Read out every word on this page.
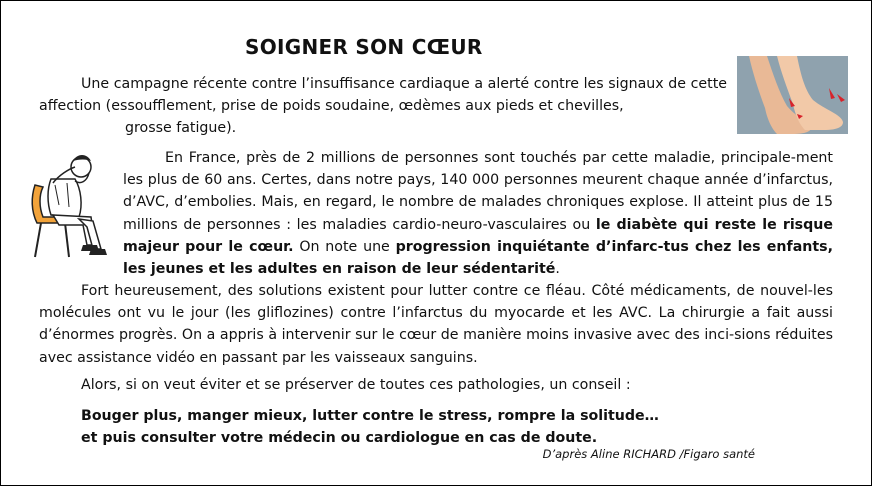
SOIGNER SON CŒUR

Une campagne récente contre l’insuffisance cardiaque a alerté contre les signaux de cette affection (essoufflement, prise de poids soudaine, œdèmes aux pieds et chevilles,
grosse fatigue).

En France, près de 2 millions de personnes sont touchés par cette maladie, principale-ment les plus de 60 ans. Certes, dans notre pays, 140 000 personnes meurent chaque année d’infarctus, d’AVC, d’embolies. Mais, en regard, le nombre de malades chroniques explose. Il atteint plus de 15 millions de personnes : les maladies cardio-neuro-vasculaires ou le diabète qui reste le risque majeur pour le cœur. On note une progression inquiétante d’infarc-tus chez les enfants, les jeunes et les adultes en raison de leur sédentarité.

Fort heureusement, des solutions existent pour lutter contre ce fléau. Côté médicaments, de nouvel-les molécules ont vu le jour (les gliflozines) contre l’infarctus du myocarde et les AVC. La chirurgie a fait aussi d’énormes progrès. On a appris à intervenir sur le cœur de manière moins invasive avec des inci-sions réduites avec assistance vidéo en passant par les vaisseaux sanguins.

Alors, si on veut éviter et se préserver de toutes ces pathologies, un conseil :

Bouger plus, manger mieux, lutter contre le stress, rompre la solitude…
et puis consulter votre médecin ou cardiologue en cas de doute.

D’après Aline RICHARD /Figaro santé
